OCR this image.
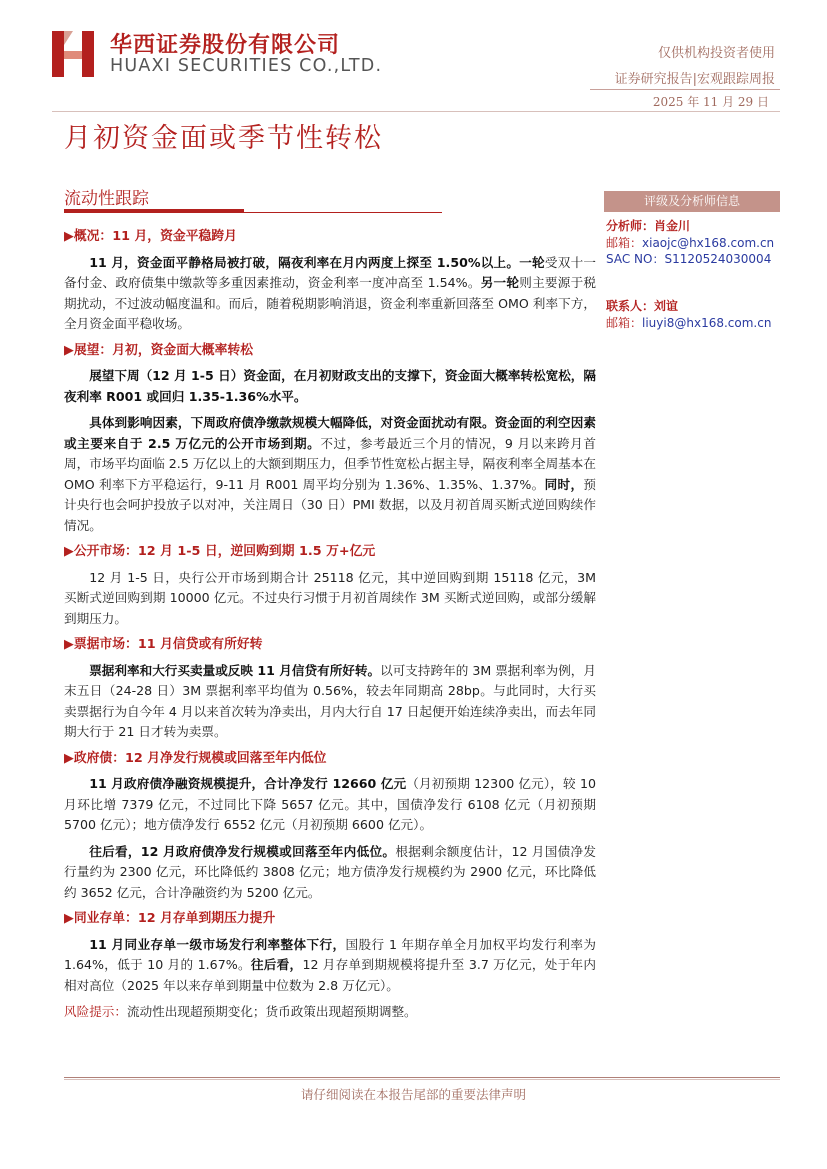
华西证券股份有限公司
HUAXI SECURITIES CO.,LTD.
仅供机构投资者使用
证券研究报告|宏观跟踪周报
2025 年 11 月 29 日
月初资金面或季节性转松
流动性跟踪	评级及分析师信息
分析师：肖金川
邮箱：xiaojc@hx168.com.cn
SAC NO：S1120524030004
联系人：刘谊
邮箱：liuyi8@hx168.com.cn
▶概况：11 月，资金平稳跨月

11 月，资金面平静格局被打破，隔夜利率在月内两度上探至 1.50%以上。一轮受双十一备付金、政府债集中缴款等多重因素推动，资金利率一度冲高至 1.54%。另一轮则主要源于税期扰动，不过波动幅度温和。而后，随着税期影响消退，资金利率重新回落至 OMO 利率下方，全月资金面平稳收场。

▶展望：月初，资金面大概率转松

展望下周（12 月 1-5 日）资金面，在月初财政支出的支撑下，资金面大概率转松宽松，隔夜利率 R001 或回归 1.35-1.36%水平。

具体到影响因素，下周政府债净缴款规模大幅降低，对资金面扰动有限。资金面的利空因素或主要来自于 2.5 万亿元的公开市场到期。不过，参考最近三个月的情况，9 月以来跨月首周，市场平均面临 2.5 万亿以上的大额到期压力，但季节性宽松占据主导，隔夜利率全周基本在 OMO 利率下方平稳运行，9-11 月 R001 周平均分别为 1.36%、1.35%、1.37%。同时，预计央行也会呵护投放子以对冲，关注周日（30 日）PMI 数据，以及月初首周买断式逆回购续作情况。

▶公开市场：12 月 1-5 日，逆回购到期 1.5 万+亿元

12 月 1-5 日，央行公开市场到期合计 25118 亿元，其中逆回购到期 15118 亿元，3M 买断式逆回购到期 10000 亿元。不过央行习惯于月初首周续作 3M 买断式逆回购，或部分缓解到期压力。

▶票据市场：11 月信贷或有所好转

票据利率和大行买卖量或反映 11 月信贷有所好转。以可支持跨年的 3M 票据利率为例，月末五日（24-28 日）3M 票据利率平均值为 0.56%，较去年同期高 28bp。与此同时，大行买卖票据行为自今年 4 月以来首次转为净卖出，月内大行自 17 日起便开始连续净卖出，而去年同期大行于 21 日才转为卖票。

▶政府债：12 月净发行规模或回落至年内低位

11 月政府债净融资规模提升，合计净发行 12660 亿元（月初预期 12300 亿元），较 10 月环比增 7379 亿元，不过同比下降 5657 亿元。其中，国债净发行 6108 亿元（月初预期 5700 亿元）；地方债净发行 6552 亿元（月初预期 6600 亿元）。

往后看，12 月政府债净发行规模或回落至年内低位。根据剩余额度估计，12 月国债净发行量约为 2300 亿元，环比降低约 3808 亿元；地方债净发行规模约为 2900 亿元，环比降低约 3652 亿元，合计净融资约为 5200 亿元。

▶同业存单：12 月存单到期压力提升

11 月同业存单一级市场发行利率整体下行，国股行 1 年期存单全月加权平均发行利率为 1.64%，低于 10 月的 1.67%。往后看，12 月存单到期规模将提升至 3.7 万亿元，处于年内相对高位（2025 年以来存单到期量中位数为 2.8 万亿元）。

风险提示：流动性出现超预期变化；货币政策出现超预期调整。

请仔细阅读在本报告尾部的重要法律声明
